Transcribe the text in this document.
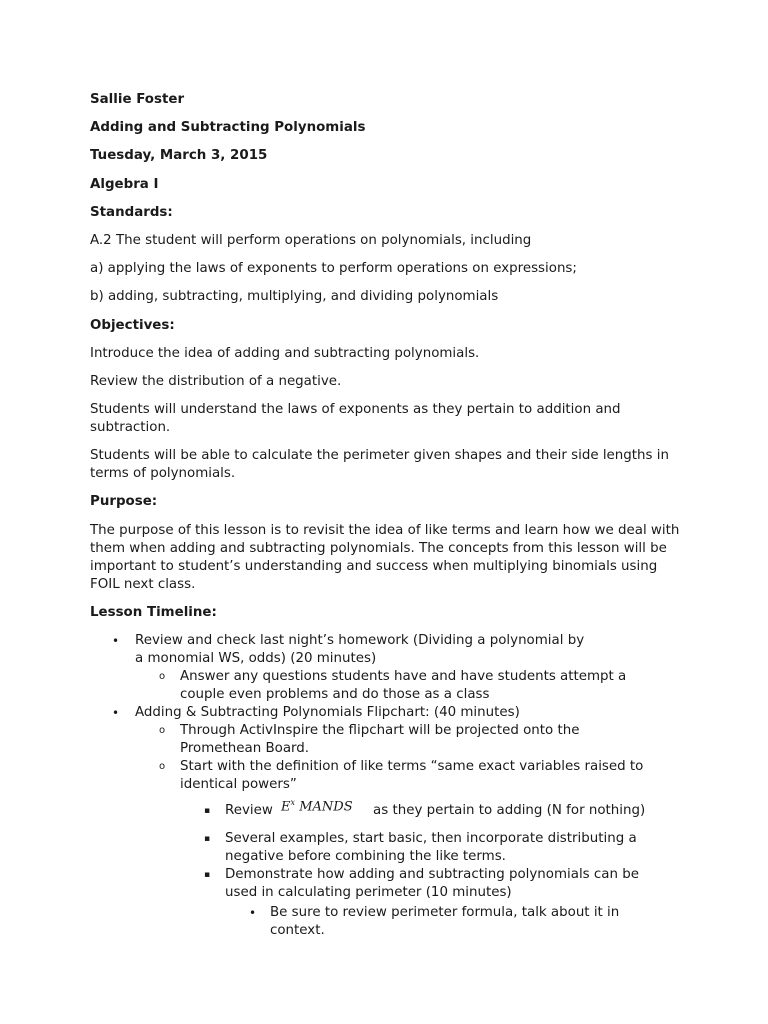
Sallie Foster

Adding and Subtracting Polynomials

Tuesday, March 3, 2015

Algebra I

Standards:

A.2 The student will perform operations on polynomials, including

a) applying the laws of exponents to perform operations on expressions;

b) adding, subtracting, multiplying, and dividing polynomials

Objectives:

Introduce the idea of adding and subtracting polynomials.

Review the distribution of a negative.

Students will understand the laws of exponents as they pertain to addition and subtraction.

Students will be able to calculate the perimeter given shapes and their side lengths in terms of polynomials.

Purpose:

The purpose of this lesson is to revisit the idea of like terms and learn how we deal with them when adding and subtracting polynomials. The concepts from this lesson will be important to student’s understanding and success when multiplying binomials using FOIL next class.

Lesson Timeline:

• Review and check last night’s homework (Dividing a polynomial by a monomial WS, odds) (20 minutes)
o Answer any questions students have and have students attempt a couple even problems and do those as a class
• Adding & Subtracting Polynomials Flipchart: (40 minutes)
o Through ActivInspire the flipchart will be projected onto the Promethean Board.
o Start with the definition of like terms “same exact variables raised to identical powers”
▪ Review $E^x$ MANDS as they pertain to adding (N for nothing)
▪ Several examples, start basic, then incorporate distributing a negative before combining the like terms.
▪ Demonstrate how adding and subtracting polynomials can be used in calculating perimeter (10 minutes)
• Be sure to review perimeter formula, talk about it in context.
